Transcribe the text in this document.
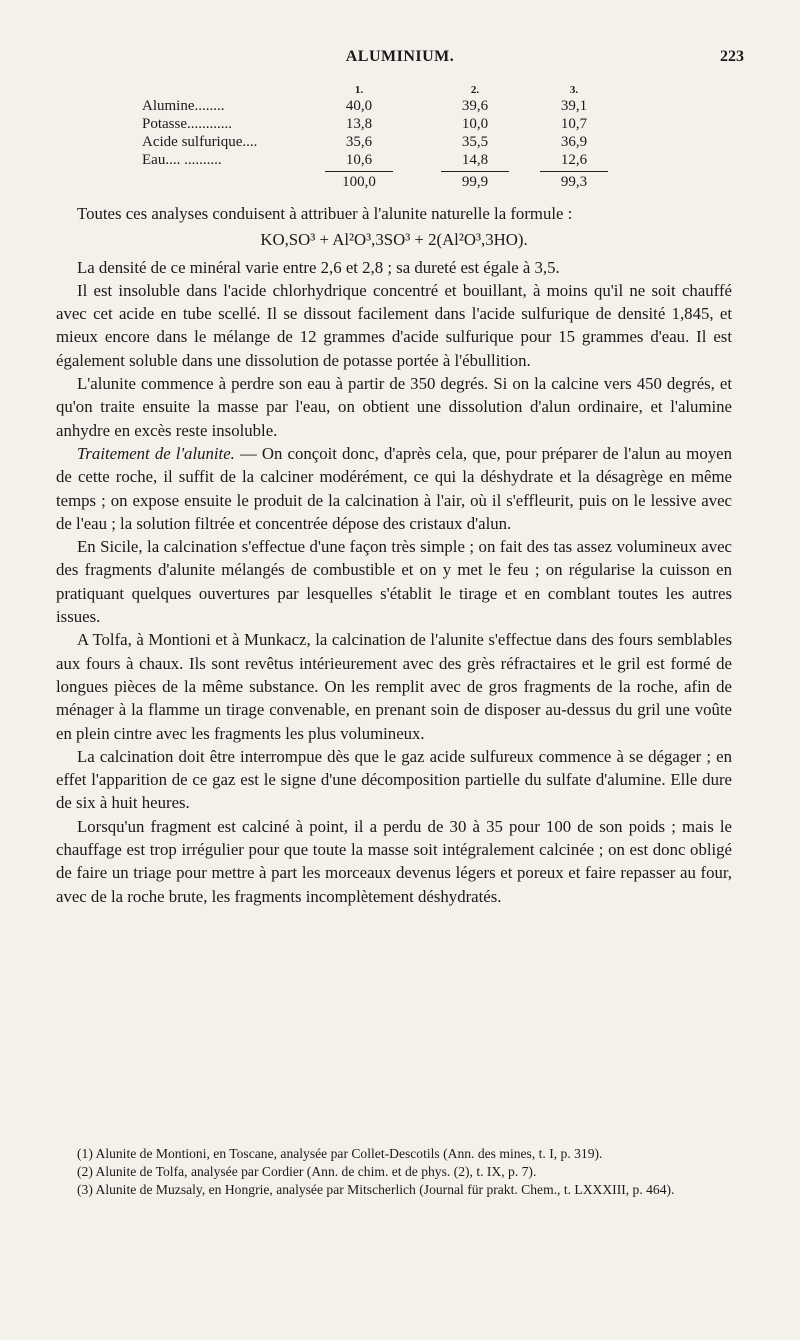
ALUMINIUM.	223
1.	2.	3.
Alumine........	40,0	39,6	39,1
Potasse............	13,8	10,0	10,7
Acide sulfurique....	35,6	35,5	36,9
Eau.... ..........	10,6	14,8	12,6
100,0	99,9	99,3

Toutes ces analyses conduisent à attribuer à l'alunite naturelle la formule :

KO,SO³ + Al²O³,3SO³ + 2(Al²O³,3HO).

La densité de ce minéral varie entre 2,6 et 2,8 ; sa dureté est égale à 3,5.

Il est insoluble dans l'acide chlorhydrique concentré et bouillant, à moins qu'il ne soit chauffé avec cet acide en tube scellé. Il se dissout facilement dans l'acide sulfurique de densité 1,845, et mieux encore dans le mélange de 12 grammes d'acide sulfurique pour 15 grammes d'eau. Il est également soluble dans une dissolution de potasse portée à l'ébullition.

L'alunite commence à perdre son eau à partir de 350 degrés. Si on la calcine vers 450 degrés, et qu'on traite ensuite la masse par l'eau, on obtient une dissolution d'alun ordinaire, et l'alumine anhydre en excès reste insoluble.

Traitement de l'alunite. — On conçoit donc, d'après cela, que, pour préparer de l'alun au moyen de cette roche, il suffit de la calciner modérément, ce qui la déshydrate et la désagrège en même temps ; on expose ensuite le produit de la calcination à l'air, où il s'effleurit, puis on le lessive avec de l'eau ; la solution filtrée et concentrée dépose des cristaux d'alun.

En Sicile, la calcination s'effectue d'une façon très simple ; on fait des tas assez volumineux avec des fragments d'alunite mélangés de combustible et on y met le feu ; on régularise la cuisson en pratiquant quelques ouvertures par lesquelles s'établit le tirage et en comblant toutes les autres issues.

A Tolfa, à Montioni et à Munkacz, la calcination de l'alunite s'effectue dans des fours semblables aux fours à chaux. Ils sont revêtus intérieurement avec des grès réfractaires et le gril est formé de longues pièces de la même substance. On les remplit avec de gros fragments de la roche, afin de ménager à la flamme un tirage convenable, en prenant soin de disposer au-dessus du gril une voûte en plein cintre avec les fragments les plus volumineux.

La calcination doit être interrompue dès que le gaz acide sulfureux commence à se dégager ; en effet l'apparition de ce gaz est le signe d'une décomposition partielle du sulfate d'alumine. Elle dure de six à huit heures.

Lorsqu'un fragment est calciné à point, il a perdu de 30 à 35 pour 100 de son poids ; mais le chauffage est trop irrégulier pour que toute la masse soit intégralement calcinée ; on est donc obligé de faire un triage pour mettre à part les morceaux devenus légers et poreux et faire repasser au four, avec de la roche brute, les fragments incomplètement déshydratés.

(1) Alunite de Montioni, en Toscane, analysée par Collet-Descotils (Ann. des mines, t. I, p. 319).

(2) Alunite de Tolfa, analysée par Cordier (Ann. de chim. et de phys. (2), t. IX, p. 7).

(3) Alunite de Muzsaly, en Hongrie, analysée par Mitscherlich (Journal für prakt. Chem., t. LXXXIII, p. 464).
